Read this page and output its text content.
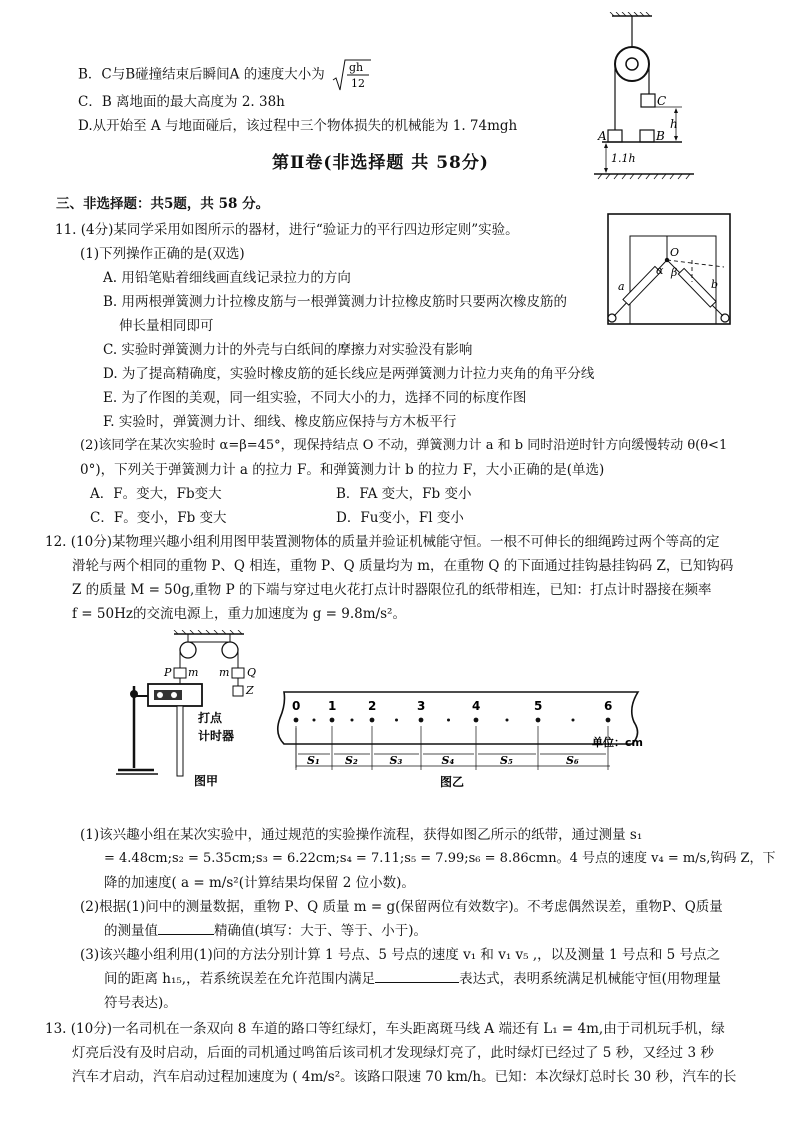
B．C与B碰撞结束后瞬间A 的速度大小为 gh
12
C．B 离地面的最大高度为 2. 38h
D.从开始至 A 与地面碰后，该过程中三个物体损失的机械能为 1. 74mgh
C
A	B
h
1.1h
第Ⅱ卷(非选择题 共 58分)
三、非选择题：共5题，共 58 分。
11. (4分)某同学采用如图所示的器材，进行“验证力的平行四边形定则”实验。
(1)下列操作正确的是(双选)
A. 用铅笔贴着细线画直线记录拉力的方向
B. 用两根弹簧测力计拉橡皮筋与一根弹簧测力计拉橡皮筋时只要两次橡皮筋的
伸长量相同即可
C. 实验时弹簧测力计的外壳与白纸间的摩擦力对实验没有影响
D. 为了提高精确度，实验时橡皮筋的延长线应是两弹簧测力计拉力夹角的角平分线
E. 为了作图的美观，同一组实验，不同大小的力，选择不同的标度作图
F. 实验时，弹簧测力计、细线、橡皮筋应保持与方木板平行
(2)该同学在某次实验时 α=β=45°，现保持结点 O 不动，弹簧测力计 a 和 b 同时沿逆时针方向缓慢转动 θ(θ<1
0°)，下列关于弹簧测力计 a 的拉力 F。和弹簧测力计 b 的拉力 F，大小正确的是(单选)
A．F。变大，Fb变大	B．FA 变大，Fb 变小
C．F。变小，Fb 变大	D．Fu变小，Fl 变小
O
α β
a	b
12. (10分)某物理兴趣小组利用图甲装置测物体的质量并验证机械能守恒。一根不可伸长的细绳跨过两个等高的定
滑轮与两个相同的重物 P、Q 相连，重物 P、Q 质量均为 m，在重物 Q 的下面通过挂钩悬挂钩码 Z，已知钩码
Z 的质量 M = 50g,重物 P 的下端与穿过电火花打点计时器限位孔的纸带相连，已知：打点计时器接在频率
f = 50Hz的交流电源上，重力加速度为 g = 9.8m/s²。
P m m Q
Z
打点
计时器
图甲
0 1	2	3	4	5	6
S₁ S₂	S₃	S₄	S₅	S₆
单位：cm
图乙
(1)该兴趣小组在某次实验中，通过规范的实验操作流程，获得如图乙所示的纸带，通过测量 s₁
= 4.48cm;s₂ = 5.35cm;s₃ = 6.22cm;s₄ = 7.11;s₅ = 7.99;s₆ = 8.86cmn。4 号点的速度 v₄ = m/s,钩码 Z，下
降的加速度( a = m/s²(计算结果均保留 2 位小数)。
(2)根据(1)问中的测量数据，重物 P、Q 质量 m = g(保留两位有效数字)。不考虑偶然误差，重物P、Q质量
的测量值	精确值(填写：大于、等于、小于)。
(3)该兴趣小组利用(1)问的方法分别计算 1 号点、5 号点的速度 v₁ 和 v₁ v₅ ,，以及测量 1 号点和 5 号点之
间的距离 h₁₅,，若系统误差在允许范围内满足	表达式，表明系统满足机械能守恒(用物理量
符号表达)。
13. (10分)一名司机在一条双向 8 车道的路口等红绿灯，车头距离斑马线 A 端还有 L₁ = 4m,由于司机玩手机，绿
灯亮后没有及时启动，后面的司机通过鸣笛后该司机才发现绿灯亮了，此时绿灯已经过了 5 秒，又经过 3 秒
汽车才启动，汽车启动过程加速度为 ( 4m/s²。该路口限速 70 km/h。已知：本次绿灯总时长 30 秒，汽车的长
